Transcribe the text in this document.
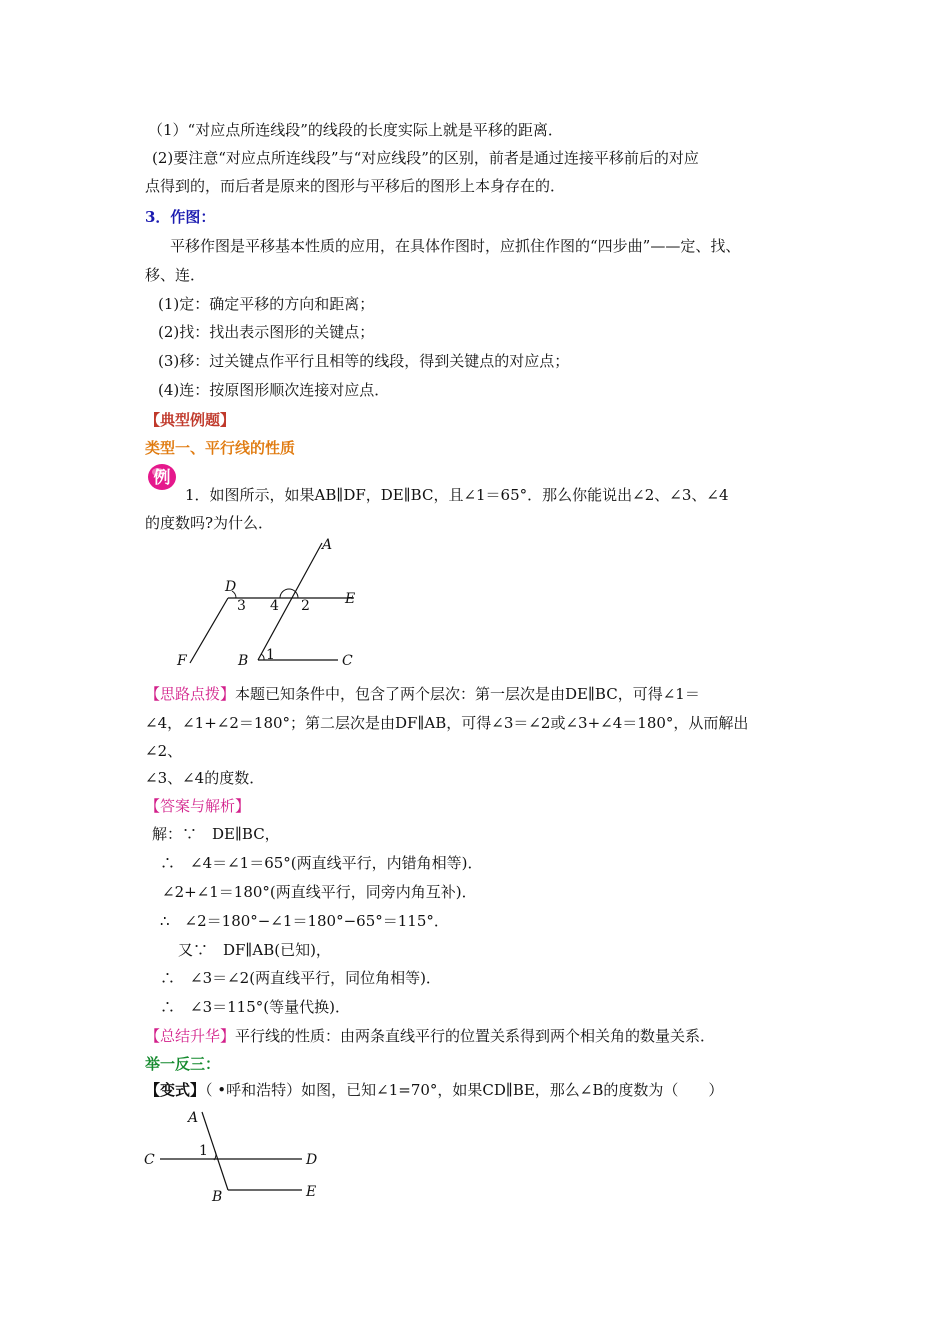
（1）“对应点所连线段”的线段的长度实际上就是平移的距离．
(2)要注意“对应点所连线段”与“对应线段”的区别，前者是通过连接平移前后的对应
点得到的，而后者是原来的图形与平移后的图形上本身存在的．
3．作图：
平移作图是平移基本性质的应用，在具体作图时，应抓住作图的“四步曲”——定、找、
移、连．
(1)定：确定平移的方向和距离；
(2)找：找出表示图形的关键点；
(3)移：过关键点作平行且相等的线段，得到关键点的对应点；
(4)连：按原图形顺次连接对应点．
【典型例题】
类型一、平行线的性质
例
1．如图所示，如果AB∥DF，DE∥BC，且∠1＝65°．那么你能说出∠2、∠3、∠4
的度数吗?为什么．
A
D
E
F	B	C
1
2
3 4
【思路点拨】本题已知条件中，包含了两个层次：第一层次是由DE∥BC，可得∠1＝
∠4，∠1+∠2＝180°；第二层次是由DF∥AB，可得∠3＝∠2或∠3+∠4＝180°，从而解出
∠2、
∠3、∠4的度数．
【答案与解析】
解：∵　DE∥BC，
∴　∠4＝∠1＝65°(两直线平行，内错角相等)．
∠2+∠1＝180°(两直线平行，同旁内角互补)．
∴　∠2＝180°−∠1＝180°−65°＝115°．
又∵　DF∥AB(已知)，
∴　∠3＝∠2(两直线平行，同位角相等)．
∴　∠3＝115°(等量代换)．
【总结升华】平行线的性质：由两条直线平行的位置关系得到两个相关角的数量关系．
举一反三：
【变式】（ •呼和浩特）如图，已知∠1=70°，如果CD∥BE，那么∠B的度数为（　　）
A
C	D
B	E
1
